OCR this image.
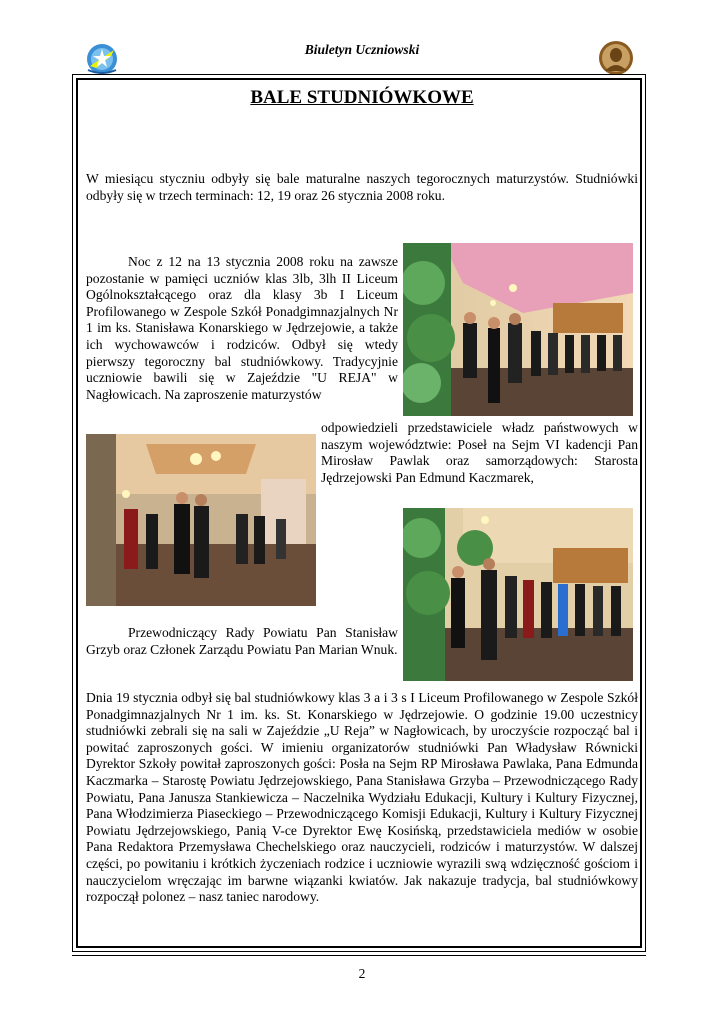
Biuletyn Uczniowski
BALE STUDNIÓWKOWE

W miesiącu styczniu odbyły się bale maturalne naszych tegorocznych maturzystów. Studniówki odbyły się w trzech terminach: 12, 19 oraz 26 stycznia 2008 roku.

Noc z 12 na 13 stycznia 2008 roku na zawsze pozostanie w pamięci uczniów klas 3lb, 3lh II Liceum Ogólnokształcącego oraz dla klasy 3b I Liceum Profilowanego w Zespole Szkół Ponadgimnazjalnych Nr 1 im ks. Stanisława Konarskiego w Jędrzejowie, a także ich wychowawców i rodziców. Odbył się wtedy pierwszy tegoroczny bal studniówkowy. Tradycyjnie uczniowie bawili się w Zajeździe "U REJA" w Nagłowicach. Na zaproszenie maturzystów

odpowiedzieli przedstawiciele władz państwowych w naszym województwie: Poseł na Sejm VI kadencji Pan Mirosław Pawlak oraz samorządowych: Starosta Jędrzejowski Pan Edmund Kaczmarek,

Przewodniczący Rady Powiatu Pan Stanisław Grzyb oraz Członek Zarządu Powiatu Pan Marian Wnuk.

Dnia 19 stycznia odbył się bal studniówkowy klas 3 a i 3 s I Liceum Profilowanego w Zespole Szkół Ponadgimnazjalnych Nr 1 im. ks. St. Konarskiego w Jędrzejowie. O godzinie 19.00 uczestnicy studniówki zebrali się na sali w Zajeździe „U Reja” w Nagłowicach, by uroczyście rozpocząć bal i powitać zaproszonych gości. W imieniu organizatorów studniówki Pan Władysław Równicki Dyrektor Szkoły powitał zaproszonych gości: Posła na Sejm RP Mirosława Pawlaka, Pana Edmunda Kaczmarka – Starostę Powiatu Jędrzejowskiego, Pana Stanisława Grzyba – Przewodniczącego Rady Powiatu, Pana Janusza Stankiewicza – Naczelnika Wydziału Edukacji, Kultury i Kultury Fizycznej, Pana Włodzimierza Piaseckiego – Przewodniczącego Komisji Edukacji, Kultury i Kultury Fizycznej Powiatu Jędrzejowskiego, Panią V-ce Dyrektor Ewę Kosińską, przedstawiciela mediów w osobie Pana Redaktora Przemysława Chechelskiego oraz nauczycieli, rodziców i maturzystów. W dalszej części, po powitaniu i krótkich życzeniach rodzice i uczniowie wyrazili swą wdzięczność gościom i nauczycielom wręczając im barwne wiązanki kwiatów. Jak nakazuje tradycja, bal studniówkowy rozpoczął polonez – nasz taniec narodowy.

2
